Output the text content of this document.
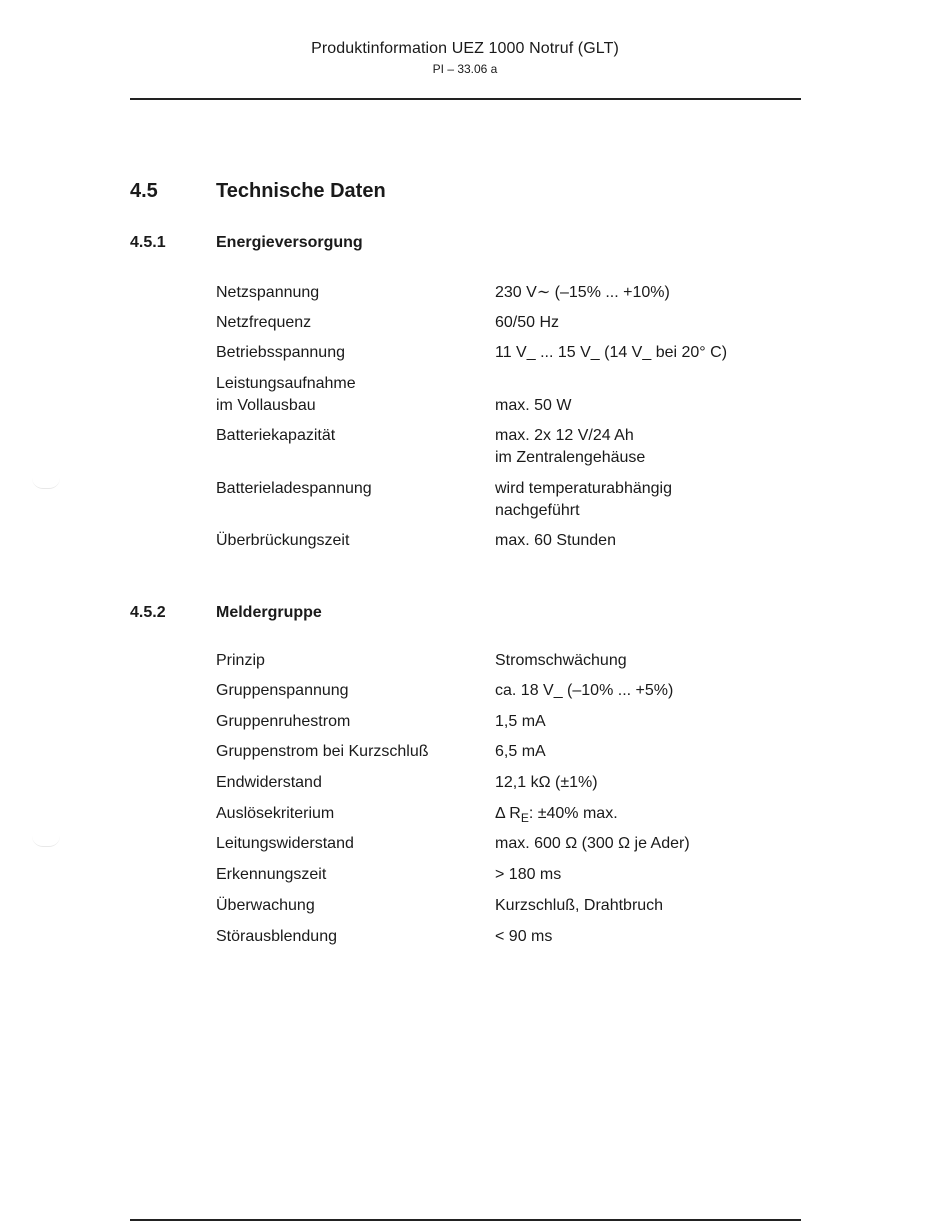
Produktinformation UEZ 1000 Notruf (GLT)
PI – 33.06 a
4.5	Technische Daten
4.5.1	Energieversorgung
Netzspannung	230 V∼ (–15% ... +10%)
Netzfrequenz	60/50 Hz
Betriebsspannung	11 V_ ... 15 V_ (14 V_ bei 20° C)
Leistungsaufnahme
im Vollausbau	max. 50 W
Batteriekapazität	max. 2x 12 V/24 Ah
im Zentralengehäuse
Batterieladespannung	wird temperaturabhängig
nachgeführt
Überbrückungszeit	max. 60 Stunden
4.5.2	Meldergruppe
Prinzip	Stromschwächung
Gruppenspannung	ca. 18 V_ (–10% ... +5%)
Gruppenruhestrom	1,5 mA
Gruppenstrom bei Kurzschluß	6,5 mA
Endwiderstand	12,1 kΩ (±1%)
Auslösekriterium	Δ $R_E$: ±40% max.
Leitungswiderstand	max. 600 Ω (300 Ω je Ader)
Erkennungszeit	> 180 ms
Überwachung	Kurzschluß, Drahtbruch
Störausblendung	< 90 ms
